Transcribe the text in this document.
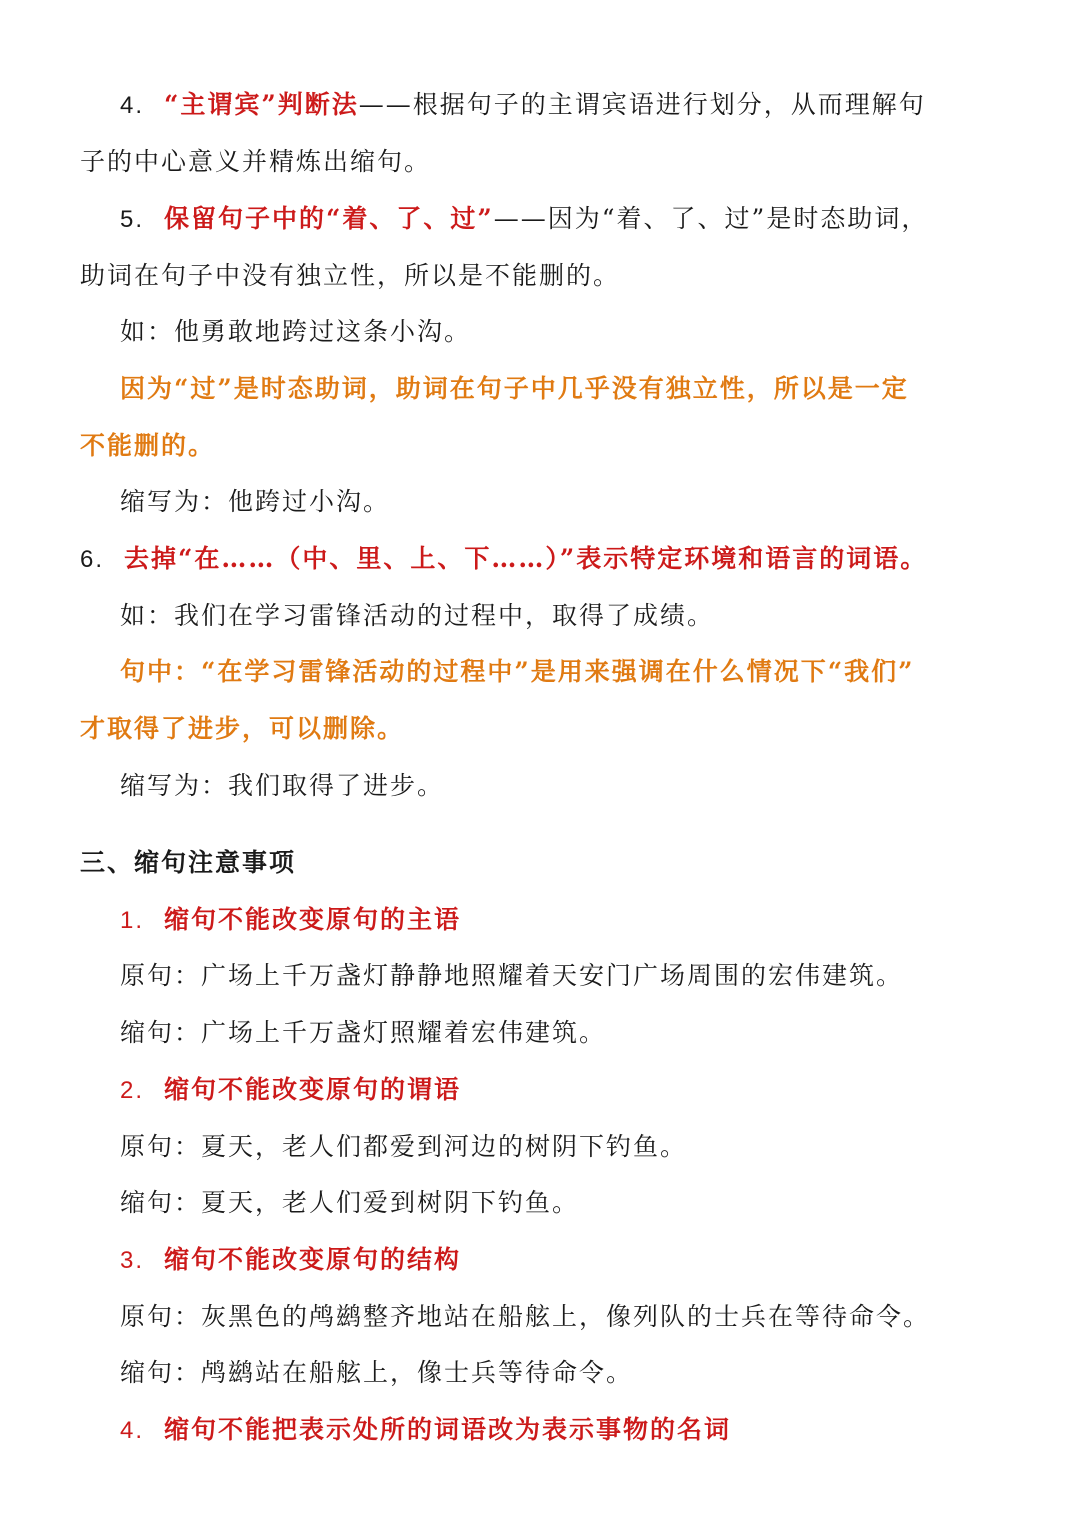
4. “主谓宾”判断法——根据句子的主谓宾语进行划分，从而理解句
子的中心意义并精炼出缩句。
5. 保留句子中的“着、了、过”——因为“着、了、过”是时态助词，
助词在句子中没有独立性，所以是不能删的。
如：他勇敢地跨过这条小沟。
因为“过”是时态助词，助词在句子中几乎没有独立性，所以是一定
不能删的。
缩写为：他跨过小沟。
6. 去掉“在……（中、里、上、下……）”表示特定环境和语言的词语。
如：我们在学习雷锋活动的过程中，取得了成绩。
句中：“在学习雷锋活动的过程中”是用来强调在什么情况下“我们”
才取得了进步，可以删除。
缩写为：我们取得了进步。
三、缩句注意事项
1. 缩句不能改变原句的主语
原句：广场上千万盏灯静静地照耀着天安门广场周围的宏伟建筑。
缩句：广场上千万盏灯照耀着宏伟建筑。
2. 缩句不能改变原句的谓语
原句：夏天，老人们都爱到河边的树阴下钓鱼。
缩句：夏天，老人们爱到树阴下钓鱼。
3. 缩句不能改变原句的结构
原句：灰黑色的鸬鹚整齐地站在船舷上，像列队的士兵在等待命令。
缩句：鸬鹚站在船舷上，像士兵等待命令。
4. 缩句不能把表示处所的词语改为表示事物的名词
